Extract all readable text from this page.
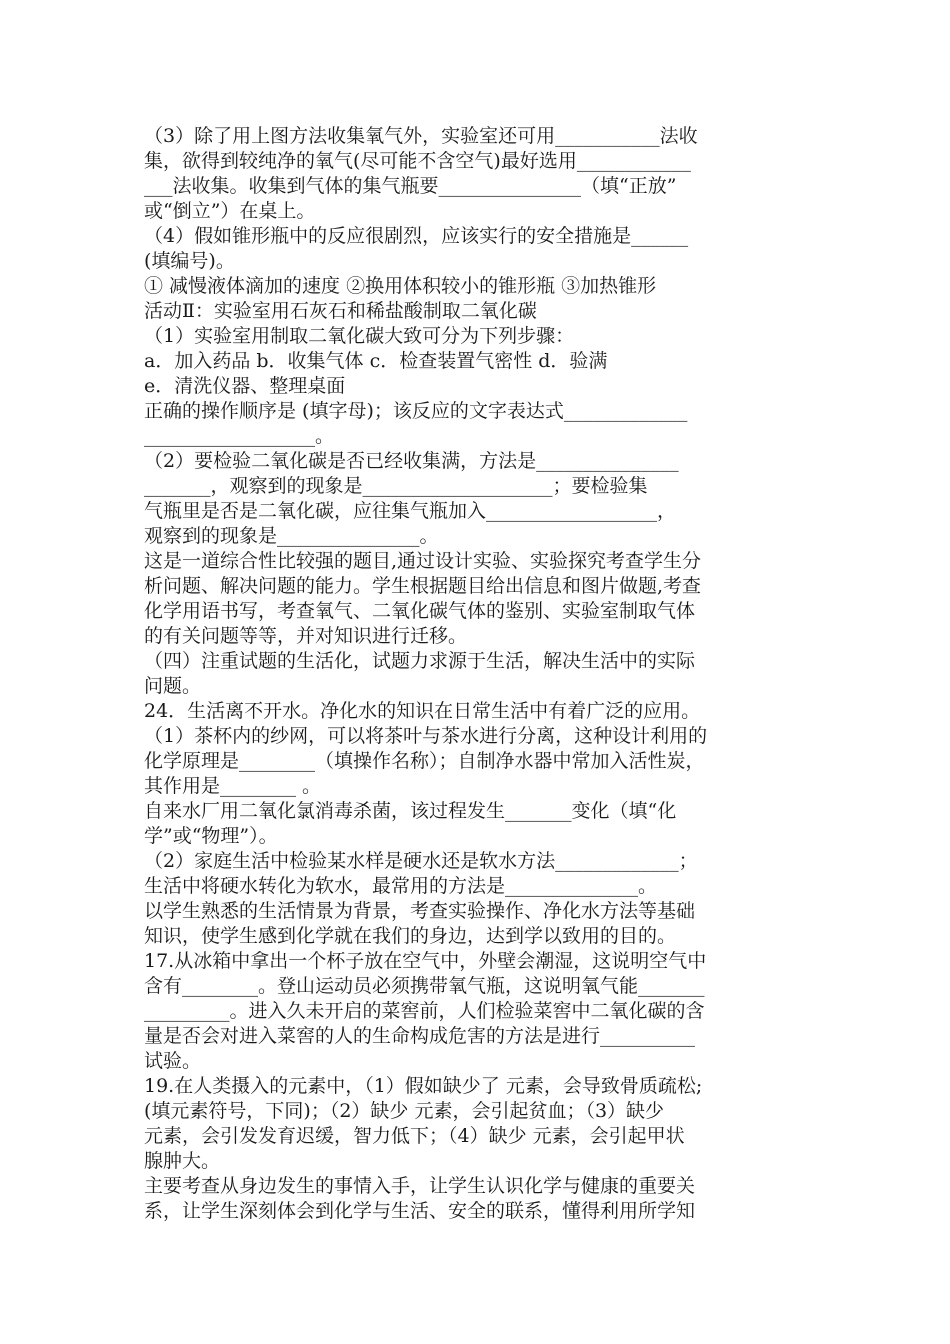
（3）除了用上图方法收集氧气外，实验室还可用___________法收
集，欲得到较纯净的氧气(尽可能不含空气)最好选用____________
___法收集。收集到气体的集气瓶要_______________（填“正放”
或“倒立”）在桌上。
（4）假如锥形瓶中的反应很剧烈，应该实行的安全措施是______
(填编号)。
① 减慢液体滴加的速度 ②换用体积较小的锥形瓶 ③加热锥形
活动Ⅱ：实验室用石灰石和稀盐酸制取二氧化碳
（1）实验室用制取二氧化碳大致可分为下列步骤：
a．加入药品 b．收集气体 c．检查装置气密性 d．验满
e．清洗仪器、整理桌面
正确的操作顺序是 (填字母)；该反应的文字表达式_____________
__________________。
（2）要检验二氧化碳是否已经收集满，方法是_______________
_______，观察到的现象是____________________；要检验集
气瓶里是否是二氧化碳，应往集气瓶加入__________________，
观察到的现象是_______________。
这是一道综合性比较强的题目,通过设计实验、实验探究考查学生分
析问题、解决问题的能力。学生根据题目给出信息和图片做题,考查
化学用语书写，考查氧气、二氧化碳气体的鉴别、实验室制取气体
的有关问题等等，并对知识进行迁移。
（四）注重试题的生活化，试题力求源于生活，解决生活中的实际
问题。
24．生活离不开水。净化水的知识在日常生活中有着广泛的应用。
（1）茶杯内的纱网，可以将茶叶与茶水进行分离，这种设计利用的
化学原理是________（填操作名称）；自制净水器中常加入活性炭，
其作用是________ 。
自来水厂用二氧化氯消毒杀菌，该过程发生_______变化（填“化
学”或“物理”）。
（2）家庭生活中检验某水样是硬水还是软水方法_____________；
生活中将硬水转化为软水，最常用的方法是______________。
以学生熟悉的生活情景为背景，考查实验操作、净化水方法等基础
知识，使学生感到化学就在我们的身边，达到学以致用的目的。
17.从冰箱中拿出一个杯子放在空气中，外壁会潮湿，这说明空气中
含有________。登山运动员必须携带氧气瓶，这说明氧气能_______
_________。进入久未开启的菜窖前，人们检验菜窖中二氧化碳的含
量是否会对进入菜窖的人的生命构成危害的方法是进行__________
试验。
19.在人类摄入的元素中，（1）假如缺少了 元素，会导致骨质疏松;
(填元素符号，下同)；（2）缺少 元素，会引起贫血；（3）缺少
元素，会引发发育迟缓，智力低下；（4）缺少 元素，会引起甲状
腺肿大。
主要考查从身边发生的事情入手，让学生认识化学与健康的重要关
系，让学生深刻体会到化学与生活、安全的联系，懂得利用所学知
